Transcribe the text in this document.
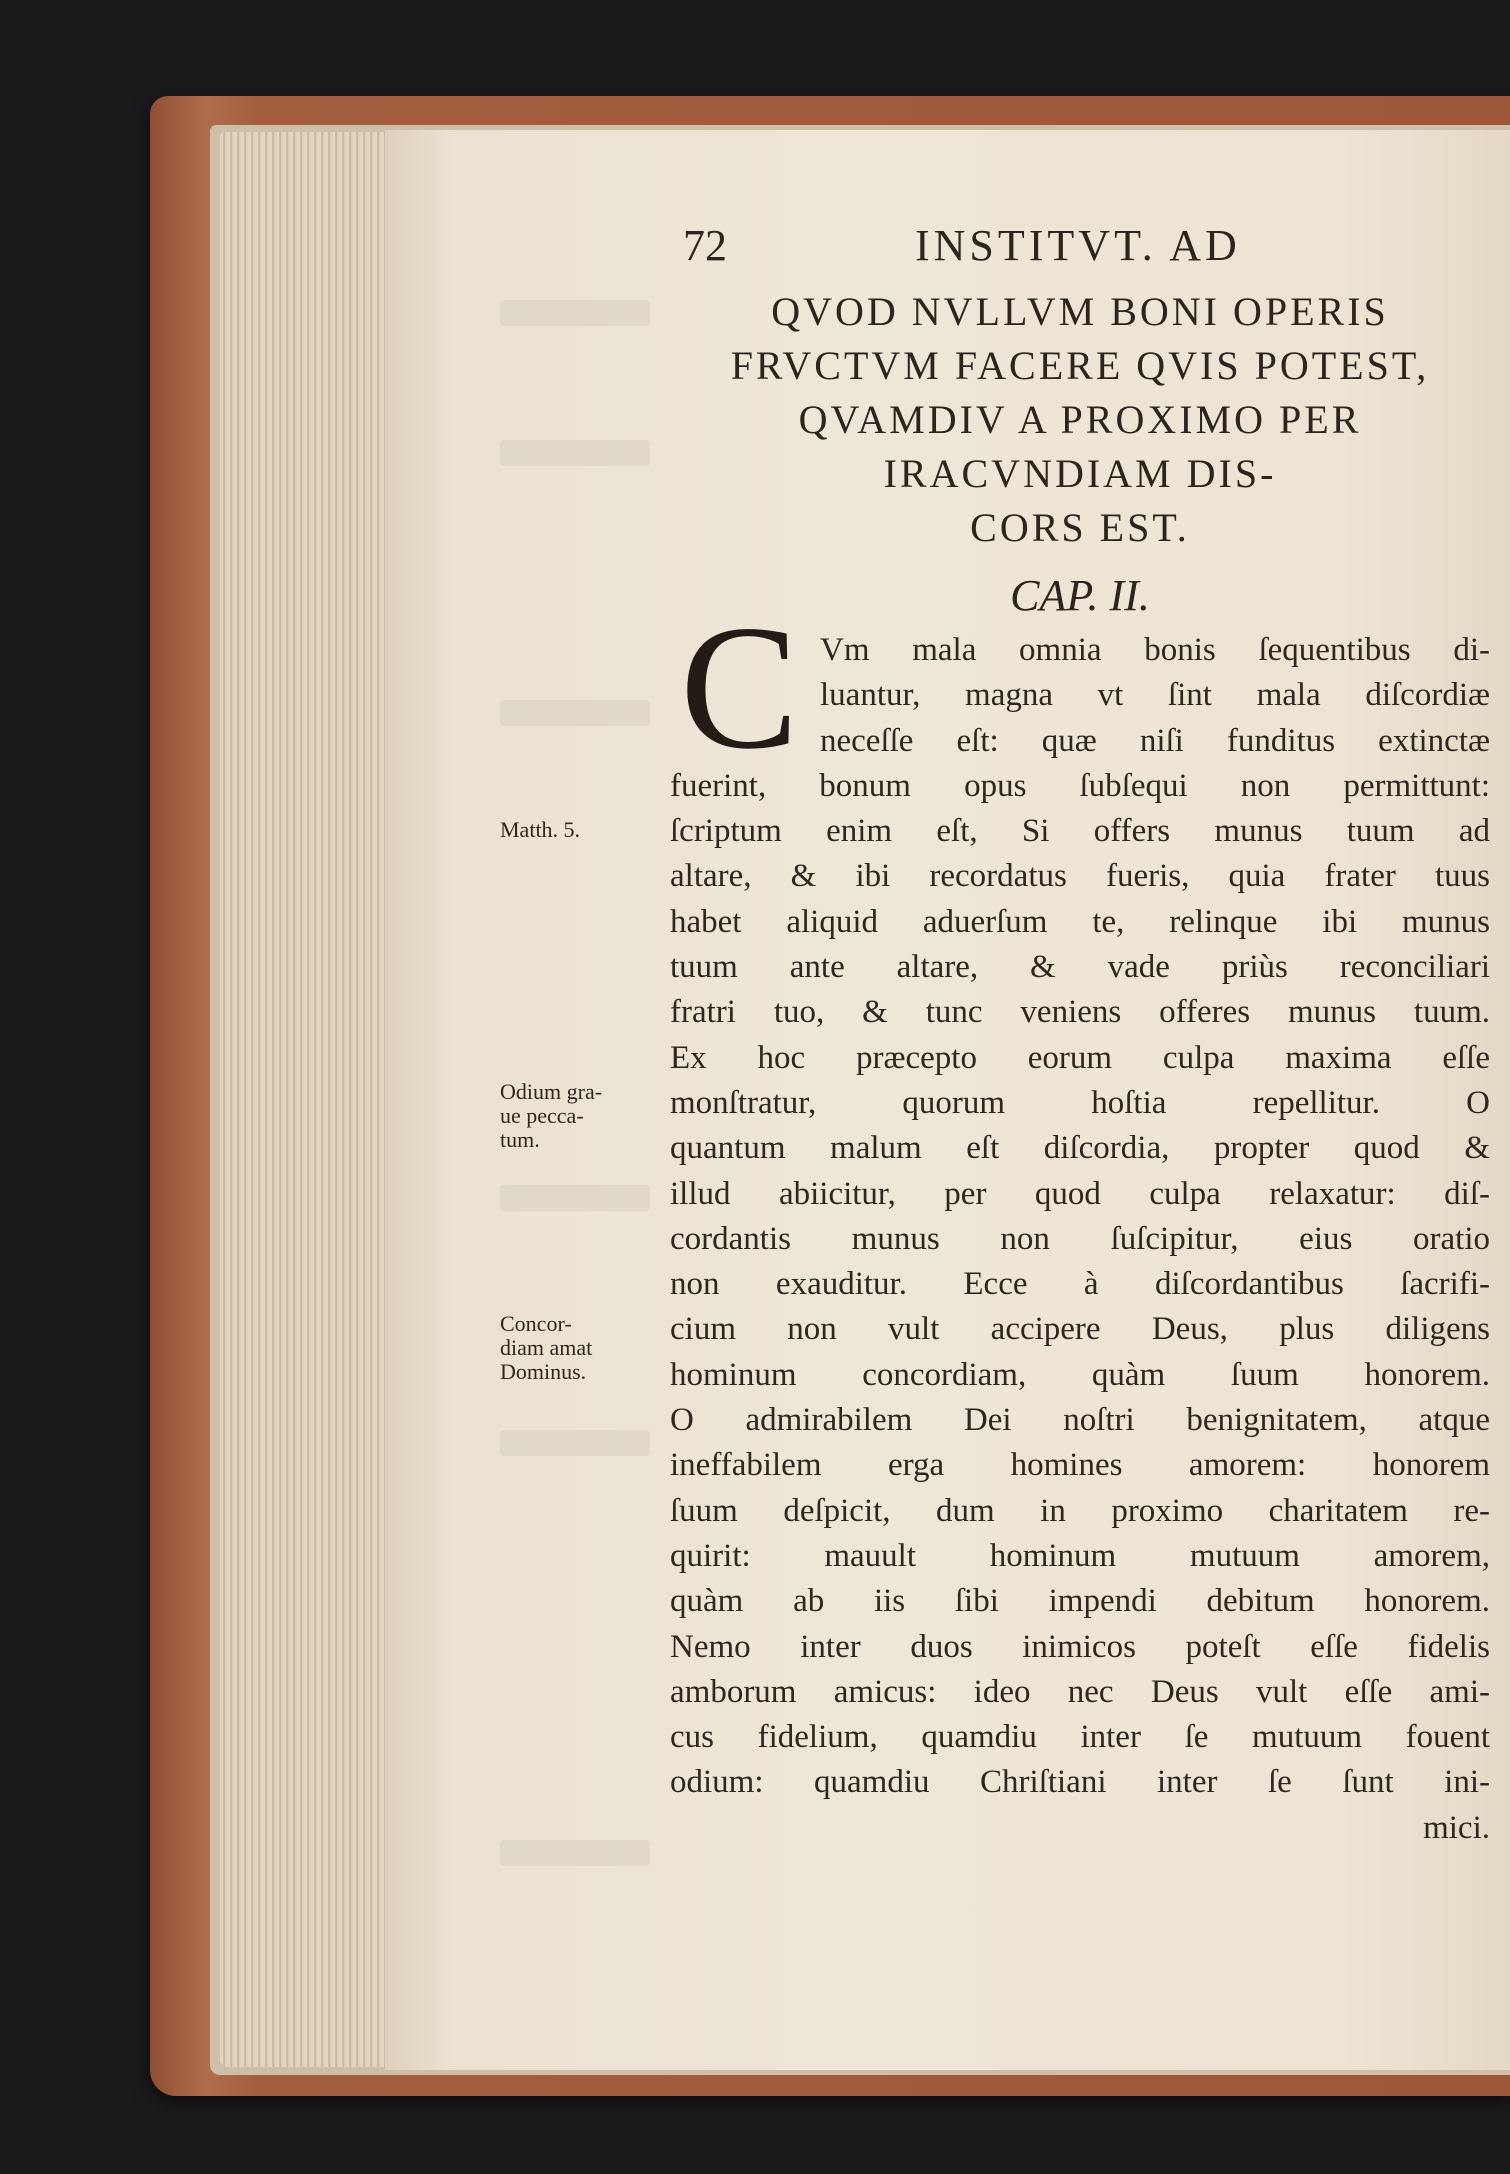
72	INSTITVT. AD
QVOD NVLLVM BONI OPERIS
FRVCTVM FACERE QVIS POTEST,
QVAMDIV A PROXIMO PER
IRACVNDIAM DIS-
CORS EST.
CAP. II.
C Vm mala omnia bonis ſequentibus di-
luantur, magna vt ſint mala diſcordiæ
neceſſe eſt: quæ niſi funditus extinctæ
fuerint, bonum opus ſubſequi non permittunt:
ſcriptum enim eſt, Si offers munus tuum ad
altare, & ibi recordatus fueris, quia frater tuus
habet aliquid aduerſum te, relinque ibi munus
tuum ante altare, & vade priùs reconciliari
fratri tuo, & tunc veniens offeres munus tuum.
Ex hoc præcepto eorum culpa maxima eſſe
monſtratur, quorum hoſtia repellitur. O
quantum malum eſt diſcordia, propter quod &
illud abiicitur, per quod culpa relaxatur: diſ-
cordantis munus non ſuſcipitur, eius oratio
non exauditur. Ecce à diſcordantibus ſacrifi-
cium non vult accipere Deus, plus diligens
hominum concordiam, quàm ſuum honorem.
O admirabilem Dei noſtri benignitatem, atque
ineffabilem erga homines amorem: honorem
ſuum deſpicit, dum in proximo charitatem re-
quirit: mauult hominum mutuum amorem,
quàm ab iis ſibi impendi debitum honorem.
Nemo inter duos inimicos poteſt eſſe fidelis
amborum amicus: ideo nec Deus vult eſſe ami-
cus fidelium, quamdiu inter ſe mutuum fouent
odium: quamdiu Chriſtiani inter ſe ſunt ini-
mici.
Matth. 5.
Odium gra-
ue pecca-
tum.
Concor-
diam amat
Dominus.
